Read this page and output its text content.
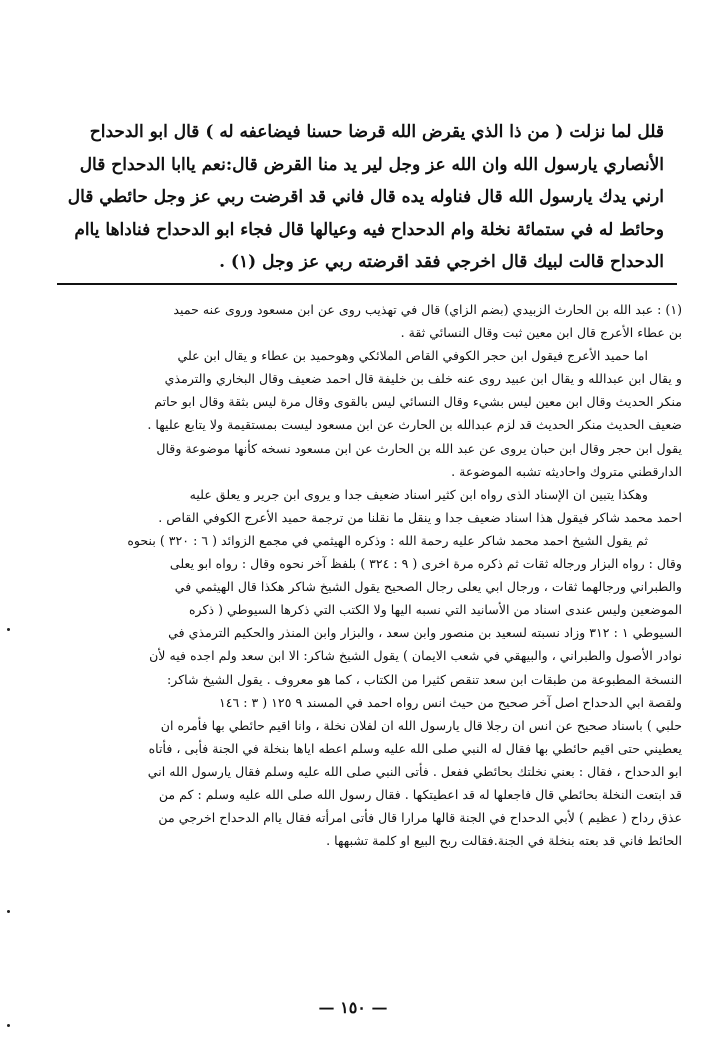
قلل لما نزلت ( من ذا الذي يقرض الله قرضا حسنا فيضاعفه له ) قال ابو الدحداح
الأنصاري يارسول الله وان الله عز وجل لير يد منا القرض قال:نعم ياابا الدحداح قال
ارني يدك يارسول الله قال فناوله يده قال فاني قد اقرضت ربي عز وجل حائطي قال
وحائط له في ستمائة نخلة وام الدحداح فيه وعيالها قال فجاء ابو الدحداح فناداها ياام
الدحداح قالت لبيك قال اخرجي فقد اقرضته ربي عز وجل (١) .
(١) : عبد الله بن الحارث الزبيدي (بضم الزاي) قال في تهذيب روى عن ابن مسعود وروى عنه حميد
بن عطاء الأعرج قال ابن معين ثبت وقال النسائي ثقة .
اما حميد الأعرج فيقول ابن حجر الكوفي القاص الملائكي وهوحميد بن عطاء و يقال ابن علي
و يقال ابن عبدالله و يقال ابن عبيد روى عنه خلف بن خليفة قال احمد ضعيف وقال البخاري والترمذي
منكر الحديث وقال ابن معين ليس بشيء وقال النسائي ليس بالقوى وقال مرة ليس بثقة وقال ابو حاتم
ضعيف الحديث منكر الحديث قد لزم عبدالله بن الحارث عن ابن مسعود ليست بمستقيمة ولا يتابع عليها .
يقول ابن حجر وقال ابن حبان يروى عن عبد الله بن الحارث عن ابن مسعود نسخه كأنها موضوعة وقال
الدارقطني متروك واحاديثه تشبه الموضوعة .
وهكذا يتبين ان الإسناد الذى رواه ابن كثير اسناد ضعيف جدا و يروى ابن جرير و يعلق عليه
احمد محمد شاكر فيقول هذا اسناد ضعيف جدا و ينقل ما نقلنا من ترجمة حميد الأعرج الكوفي القاص .
ثم يقول الشيخ احمد محمد شاكر عليه رحمة الله : وذكره الهيثمي في مجمع الزوائد ( ٦ : ٣٢٠ ) بنحوه
وقال : رواه البزار ورجاله ثقات ثم ذكره مرة اخرى ( ٩ : ٣٢٤ ) بلفظ آخر نحوه وقال : رواه ابو يعلى
والطبراني ورجالهما ثقات ، ورجال ابي يعلى رجال الصحيح يقول الشيخ شاكر هكذا قال الهيثمي في
الموضعين وليس عندى اسناد من الأسانيد التي نسبه اليها ولا الكتب التي ذكرها السيوطي ( ذكره
السيوطي ١ : ٣١٢ وزاد نسبته لسعيد بن منصور وابن سعد ، والبزار وابن المنذر والحكيم الترمذي في
نوادر الأصول والطبراني ، والبيهقي في شعب الايمان ) يقول الشيخ شاكر: الا ابن سعد ولم اجده فيه لأن
النسخة المطبوعة من طبقات ابن سعد تنقص كثيرا من الكتاب ، كما هو معروف . يقول الشيخ شاكر:
ولقصة ابي الدحداح اصل آخر صحيح من حيث انس رواه احمد في المسند ٩ ١٢٥ ( ٣ : ١٤٦
حلبي ) باسناد صحيح عن انس ان رجلا قال يارسول الله ان لفلان نخلة ، وانا اقيم حائطي بها فأمره ان
يعطيني حتى اقيم حائطي بها فقال له النبي صلى الله عليه وسلم اعطه اياها بنخلة في الجنة فأبى ، فأتاه
ابو الدحداح ، فقال : بعني نخلتك بحائطي ففعل . فأتى النبي صلى الله عليه وسلم فقال يارسول الله اني
قد ابتعت النخلة بحائطي قال فاجعلها له قد اعطيتكها . فقال رسول الله صلى الله عليه وسلم : كم من
عذق رداح ( عظيم ) لأبي الدحداح في الجنة قالها مرارا قال فأتى امرأته فقال ياام الدحداح اخرجي من
الحائط فاني قد بعته بنخلة في الجنة.فقالت ربح البيع او كلمة تشبهها .
— ١٥٠ —
